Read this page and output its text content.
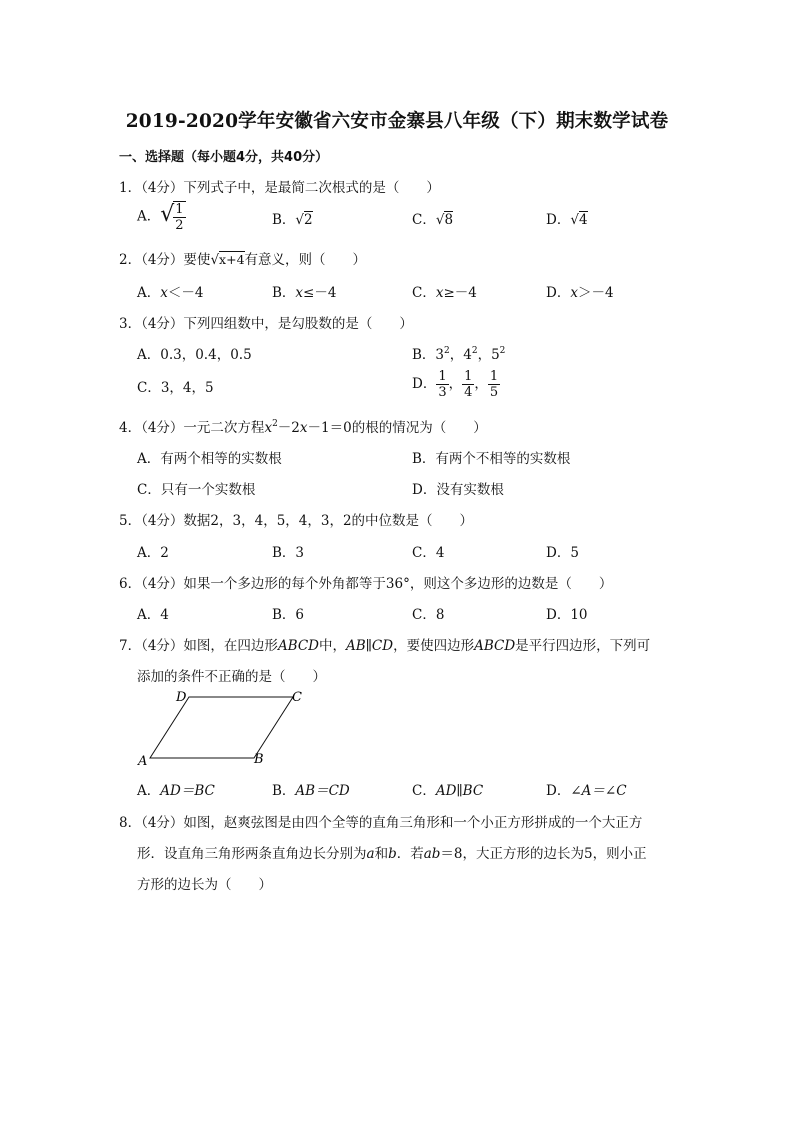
2019-2020学年安徽省六安市金寨县八年级（下）期末数学试卷
一、选择题（每小题4分，共40分）
1．（4分）下列式子中，是最简二次根式的是（　　）
A．√ $\frac{1}{2}$	B．√2	C．√8	D．√4
2．（4分）要使√x+4有意义，则（　　）
A．x＜－4	B．x≤－4	C．x≥－4	D．x＞－4
3．（4分）下列四组数中，是勾股数的是（　　）
A．0.3，0.4，0.5	B．$3^2$，$4^2$，$5^2$
C．3，4，5	D． $\frac{1}{3}$ ， $\frac{1}{4}$ ， $\frac{1}{5}$
4．（4分）一元二次方程$x^2-2x-1=0$的根的情况为（　　）
A．有两个相等的实数根	B．有两个不相等的实数根
C．只有一个实数根	D．没有实数根
5．（4分）数据2，3，4，5，4，3，2的中位数是（　　）
A．2	B．3	C．4	D．5
6．（4分）如果一个多边形的每个外角都等于36°，则这个多边形的边数是（　　）
A．4	B．6	C．8	D．10
7．（4分）如图，在四边形ABCD中，AB∥CD，要使四边形ABCD是平行四边形，下列可
添加的条件不正确的是（　　）
A	B
C
D
A．AD＝BC	B．AB＝CD	C．AD∥BC	D．∠A＝∠C
8．（4分）如图，赵爽弦图是由四个全等的直角三角形和一个小正方形拼成的一个大正方
形．设直角三角形两条直角边长分别为a和b．若ab＝8，大正方形的边长为5，则小正
方形的边长为（　　）
